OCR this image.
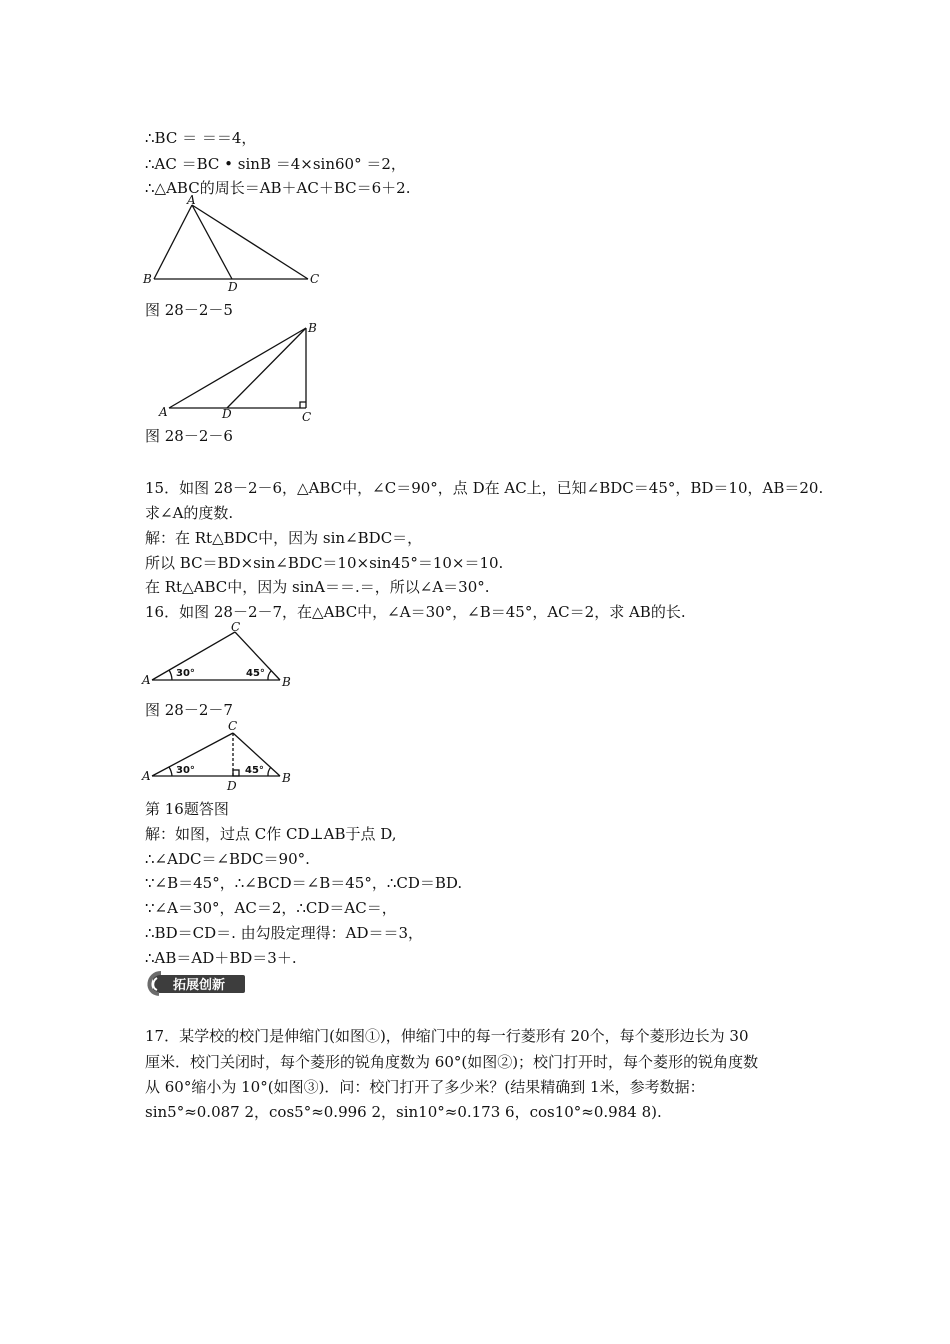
∴BC ＝ ＝＝4，
∴AC ＝BC • sinB ＝4×sin60° ＝2，
∴△ABC的周长＝AB＋AC＋BC＝6＋2.
A
B	C
D
图 28－2－5
A
B
C
D
图 28－2－6
15．如图 28－2－6，△ABC中，∠C＝90°，点 D在 AC上，已知∠BDC＝45°，BD＝10，AB＝20.
求∠A的度数.
解：在 Rt△BDC中，因为 sin∠BDC＝，
所以 BC＝BD×sin∠BDC＝10×sin45°＝10×＝10.
在 Rt△ABC中，因为 sinA＝＝.＝，所以∠A＝30°.
16．如图 28－2－7，在△ABC中，∠A＝30°，∠B＝45°，AC＝2，求 AB的长.
A	B
C
30°	45°
图 28－2－7
A	B
C
D
30°	45°
第 16题答图
解：如图，过点 C作 CD⊥AB于点 D,
∴∠ADC＝∠BDC＝90°.
∵∠B＝45°，∴∠BCD＝∠B＝45°，∴CD＝BD.
∵∠A＝30°，AC＝2，∴CD＝AC＝，
∴BD＝CD＝. 由勾股定理得：AD＝＝3，
∴AB＝AD＋BD＝3＋.
拓展创新
17．某学校的校门是伸缩门(如图①)，伸缩门中的每一行菱形有 20个，每个菱形边长为 30
厘米．校门关闭时，每个菱形的锐角度数为 60°(如图②)；校门打开时，每个菱形的锐角度数
从 60°缩小为 10°(如图③)．问：校门打开了多少米？(结果精确到 1米，参考数据：
sin5°≈0.087 2，cos5°≈0.996 2，sin10°≈0.173 6，cos10°≈0.984 8).
